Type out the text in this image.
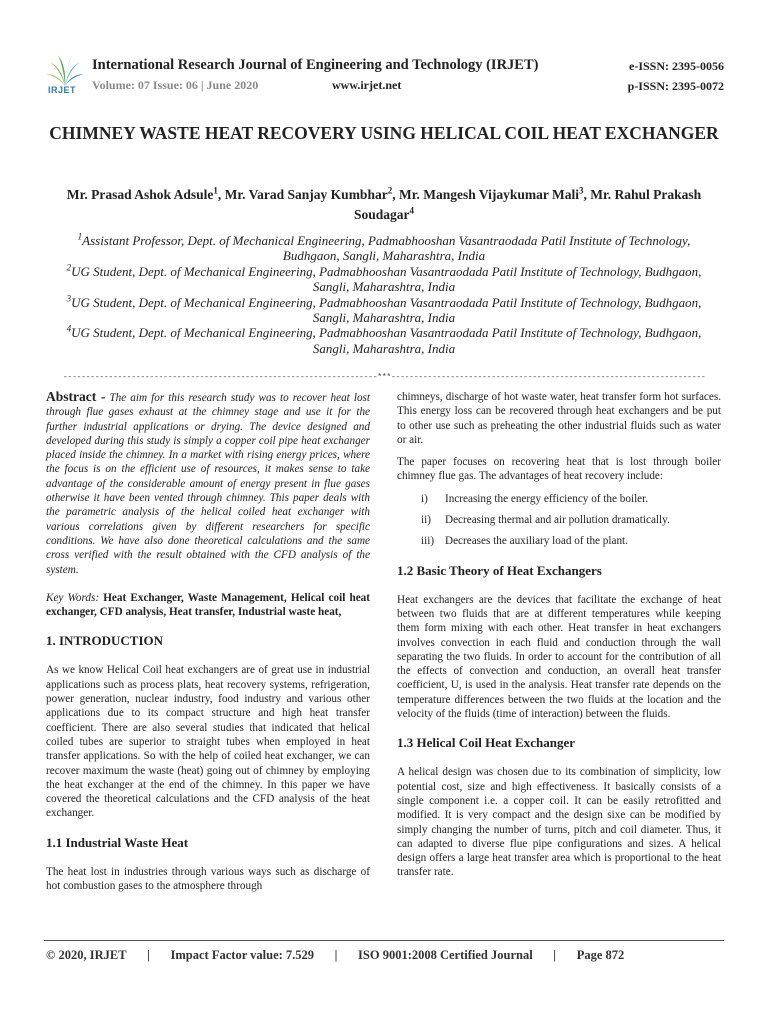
IRJET
International Research Journal of Engineering and Technology (IRJET)
Volume: 07 Issue: 06 | June 2020	www.irjet.net
e-ISSN: 2395-0056
p-ISSN: 2395-0072
CHIMNEY WASTE HEAT RECOVERY USING HELICAL COIL HEAT EXCHANGER
Mr. Prasad Ashok Adsule$^1$, Mr. Varad Sanjay Kumbhar$^2$, Mr. Mangesh Vijaykumar Mali$^3$, Mr. Rahul Prakash Soudagar$^4$
$^1$Assistant Professor, Dept. of Mechanical Engineering, Padmabhooshan Vasantraodada Patil Institute of Technology, Budhgaon, Sangli, Maharashtra, India
$^2$UG Student, Dept. of Mechanical Engineering, Padmabhooshan Vasantraodada Patil Institute of Technology, Budhgaon, Sangli, Maharashtra, India
$^3$UG Student, Dept. of Mechanical Engineering, Padmabhooshan Vasantraodada Patil Institute of Technology, Budhgaon, Sangli, Maharashtra, India
$^4$UG Student, Dept. of Mechanical Engineering, Padmabhooshan Vasantraodada Patil Institute of Technology, Budhgaon, Sangli, Maharashtra, India
---------------------------------------------------------------------***---------------------------------------------------------------------

Abstract - The aim for this research study was to recover heat lost through flue gases exhaust at the chimney stage and use it for the further industrial applications or drying. The device designed and developed during this study is simply a copper coil pipe heat exchanger placed inside the chimney. In a market with rising energy prices, where the focus is on the efficient use of resources, it makes sense to take advantage of the considerable amount of energy present in flue gases otherwise it have been vented through chimney. This paper deals with the parametric analysis of the helical coiled heat exchanger with various correlations given by different researchers for specific conditions. We have also done theoretical calculations and the same cross verified with the result obtained with the CFD analysis of the system.

Key Words: Heat Exchanger, Waste Management, Helical coil heat exchanger, CFD analysis, Heat transfer, Industrial waste heat,

1. INTRODUCTION

As we know Helical Coil heat exchangers are of great use in industrial applications such as process plats, heat recovery systems, refrigeration, power generation, nuclear industry, food industry and various other applications due to its compact structure and high heat transfer coefficient. There are also several studies that indicated that helical coiled tubes are superior to straight tubes when employed in heat transfer applications. So with the help of coiled heat exchanger, we can recover maximum the waste (heat) going out of chimney by employing the heat exchanger at the end of the chimney. In this paper we have covered the theoretical calculations and the CFD analysis of the heat exchanger.

1.1 Industrial Waste Heat

The heat lost in industries through various ways such as discharge of hot combustion gases to the atmosphere through

chimneys, discharge of hot waste water, heat transfer form hot surfaces. This energy loss can be recovered through heat exchangers and be put to other use such as preheating the other industrial fluids such as water or air.

The paper focuses on recovering heat that is lost through boiler chimney flue gas. The advantages of heat recovery include:

i)	Increasing the energy efficiency of the boiler.
ii)	Decreasing thermal and air pollution dramatically.
iii) Decreases the auxiliary load of the plant.
1.2 Basic Theory of Heat Exchangers

Heat exchangers are the devices that facilitate the exchange of heat between two fluids that are at different temperatures while keeping them form mixing with each other. Heat transfer in heat exchangers involves convection in each fluid and conduction through the wall separating the two fluids. In order to account for the contribution of all the effects of convection and conduction, an overall heat transfer coefficient, U, is used in the analysis. Heat transfer rate depends on the temperature differences between the two fluids at the location and the velocity of the fluids (time of interaction) between the fluids.

1.3 Helical Coil Heat Exchanger

A helical design was chosen due to its combination of simplicity, low potential cost, size and high effectiveness. It basically consists of a single component i.e. a copper coil. It can be easily retrofitted and modified. It is very compact and the design sixe can be modified by simply changing the number of turns, pitch and coil diameter. Thus, it can adapted to diverse flue pipe configurations and sizes. A helical design offers a large heat transfer area which is proportional to the heat transfer rate.

© 2020, IRJET | Impact Factor value: 7.529 | ISO 9001:2008 Certified Journal | Page 872
